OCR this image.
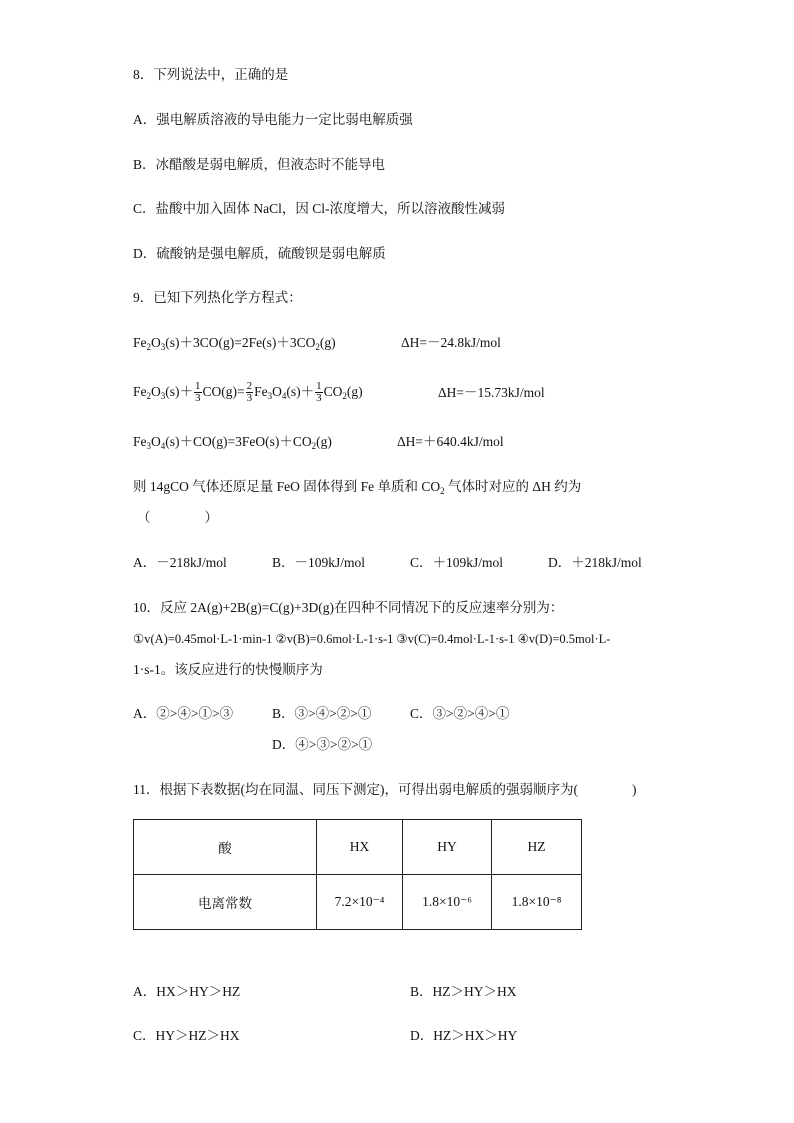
8．下列说法中，正确的是
A．强电解质溶液的导电能力一定比弱电解质强
B．冰醋酸是弱电解质，但液态时不能导电
C．盐酸中加入固体 NaCl，因 Cl-浓度增大，所以溶液酸性减弱
D．硫酸钠是强电解质，硫酸钡是弱电解质
9．已知下列热化学方程式：
$Fe_2O_3(s)+3CO(g)=2Fe(s)+3CO_2(g)$	ΔH=－24.8kJ/mol
$Fe_2O_3(s)+ \frac{1}{3} CO(g)= \frac{2}{3} Fe_3O_4(s)+ \frac{1}{3} CO_2(g)$	ΔH=－15.73kJ/mol
$Fe_3O_4(s)+CO(g)=3FeO(s)+CO_2(g)$	ΔH=＋640.4kJ/mol
则 14gCO 气体还原足量 FeO 固体得到 Fe 单质和 $CO_2$ 气体时对应的 ΔH 约为
（　　　　）
A．－218kJ/mol	B．－109kJ/mol	C．＋109kJ/mol	D．＋218kJ/mol
10．反应 2A(g)+2B(g)=C(g)+3D(g)在四种不同情况下的反应速率分别为：
①v(A)=0.45mol·L-1·min-1 ②v(B)=0.6mol·L-1·s-1 ③v(C)=0.4mol·L-1·s-1 ④v(D)=0.5mol·L-
1·s-1。该反应进行的快慢顺序为
A．②>④>①>③	B．③>④>②>①	C．③>②>④>①
D．④>③>②>①
11．根据下表数据(均在同温、同压下测定)，可得出弱电解质的强弱顺序为(　　　　)
酸	HX	HY	HZ
电离常数	7.2×10⁻⁴	1.8×10⁻⁶	1.8×10⁻⁸
A．HX＞HY＞HZ	B．HZ＞HY＞HX
C．HY＞HZ＞HX	D．HZ＞HX＞HY
